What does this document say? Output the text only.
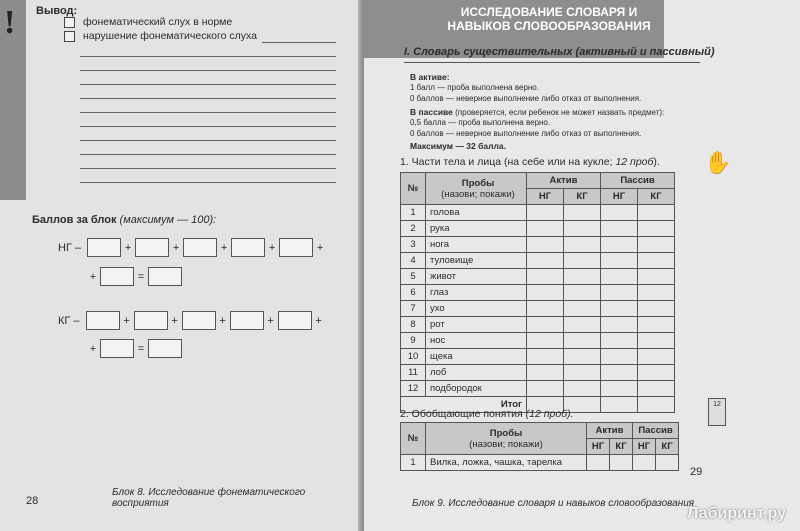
! Вывод:
фонематический слух в норме
нарушение фонематического слуха
Баллов за блок (максимум — 100):
НГ –	+	+	+	+	+
+	=
КГ –	+	+	+	+	+
+	=
28
Блок 8. Исследование фонематического восприятия
ИССЛЕДОВАНИЕ СЛОВАРЯ И НАВЫКОВ СЛОВООБРАЗОВАНИЯ
I. Словарь существительных (активный и пассивный)
В активе:
1 балл — проба выполнена верно.
0 баллов — неверное выполнение либо отказ от выполнения.
В пассиве (проверяется, если ребенок не может назвать предмет):
0,5 балла — проба выполнена верно.
0 баллов — неверное выполнение либо отказ от выполнения.
Максимум — 32 балла.
✋
1. Части тела и лица (на себе или на кукле; 12 проб).
№	Пробы
(назови; покажи)	Актив		Пассив	
		НГ	КГ	НГ	КГ
1	голова				
2	рука				
3	нога				
4	туловище				
5	живот				
6	глаз				
7	ухо				
8	рот				
9	нос				
10	щека				
11	лоб				
12	подбородок				
Итог						12
2. Обобщающие понятия (12 проб).
№	Пробы
(назови; покажи)	Актив		Пассив	
		НГ	КГ	НГ	КГ
1	Вилка, ложка, чашка, тарелка				
29
Блок 9. Исследование словаря и навыков словообразования
Лабиринт.ру
